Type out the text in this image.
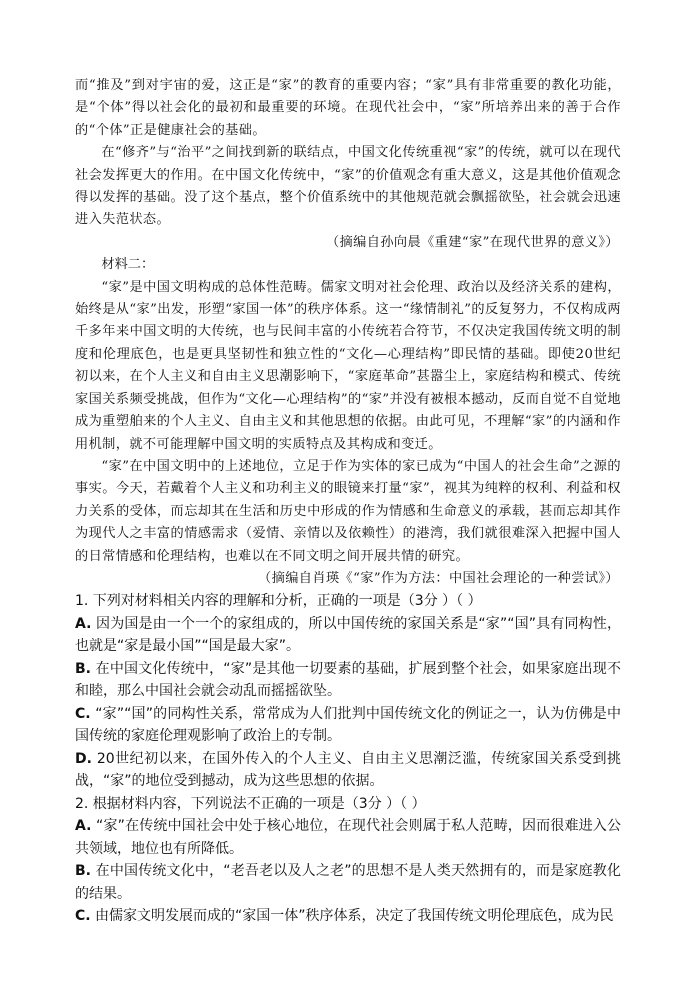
而“推及”到对宇宙的爱，这正是“家”的教育的重要内容；“家”具有非常重要的教化功能，是“个体”得以社会化的最初和最重要的环境。在现代社会中，“家”所培养出来的善于合作的“个体”正是健康社会的基础。

在“修齐”与“治平”之间找到新的联结点，中国文化传统重视“家”的传统，就可以在现代社会发挥更大的作用。在中国文化传统中，“家”的价值观念有重大意义，这是其他价值观念得以发挥的基础。没了这个基点，整个价值系统中的其他规范就会飘摇欲坠，社会就会迅速进入失范状态。

（摘编自孙向晨《重建“家”在现代世界的意义》）

材料二：

“家”是中国文明构成的总体性范畴。儒家文明对社会伦理、政治以及经济关系的建构，始终是从“家”出发，形塑“家国一体”的秩序体系。这一“缘情制礼”的反复努力，不仅构成两千多年来中国文明的大传统，也与民间丰富的小传统若合符节，不仅决定我国传统文明的制度和伦理底色，也是更具坚韧性和独立性的“文化—心理结构”即民情的基础。即使20世纪初以来，在个人主义和自由主义思潮影响下，“家庭革命”甚嚣尘上，家庭结构和模式、传统家国关系频受挑战，但作为“文化—心理结构”的“家”并没有被根本撼动，反而自觉不自觉地成为重塑舶来的个人主义、自由主义和其他思想的依据。由此可见，不理解“家”的内涵和作用机制，就不可能理解中国文明的实质特点及其构成和变迁。

“家”在中国文明中的上述地位，立足于作为实体的家已成为“中国人的社会生命”之源的事实。今天，若戴着个人主义和功利主义的眼镜来打量“家”，视其为纯粹的权利、利益和权力关系的受体，而忘却其在生活和历史中形成的作为情感和生命意义的承载，甚而忘却其作为现代人之丰富的情感需求（爱情、亲情以及依赖性）的港湾，我们就很难深入把握中国人的日常情感和伦理结构，也难以在不同文明之间开展共情的研究。

（摘编自肖瑛《“家”作为方法：中国社会理论的一种尝试》）

1. 下列对材料相关内容的理解和分析，正确的一项是（3分 ）（ ）

A. 因为国是由一个一个的家组成的，所以中国传统的家国关系是“家”“国”具有同构性，也就是“家是最小国”“国是最大家”。

B. 在中国文化传统中，“家”是其他一切要素的基础，扩展到整个社会，如果家庭出现不和睦，那么中国社会就会动乱而摇摇欲坠。

C. “家”“国”的同构性关系，常常成为人们批判中国传统文化的例证之一，认为仿佛是中国传统的家庭伦理观影响了政治上的专制。

D. 20世纪初以来，在国外传入的个人主义、自由主义思潮泛滥，传统家国关系受到挑战，“家”的地位受到撼动，成为这些思想的依据。

2. 根据材料内容，下列说法不正确的一项是（3分 ）（ ）

A. “家”在传统中国社会中处于核心地位，在现代社会则属于私人范畴，因而很难进入公共领域，地位也有所降低。

B. 在中国传统文化中，“老吾老以及人之老”的思想不是人类天然拥有的，而是家庭教化的结果。

C. 由儒家文明发展而成的“家国一体”秩序体系，决定了我国传统文明伦理底色，成为民
